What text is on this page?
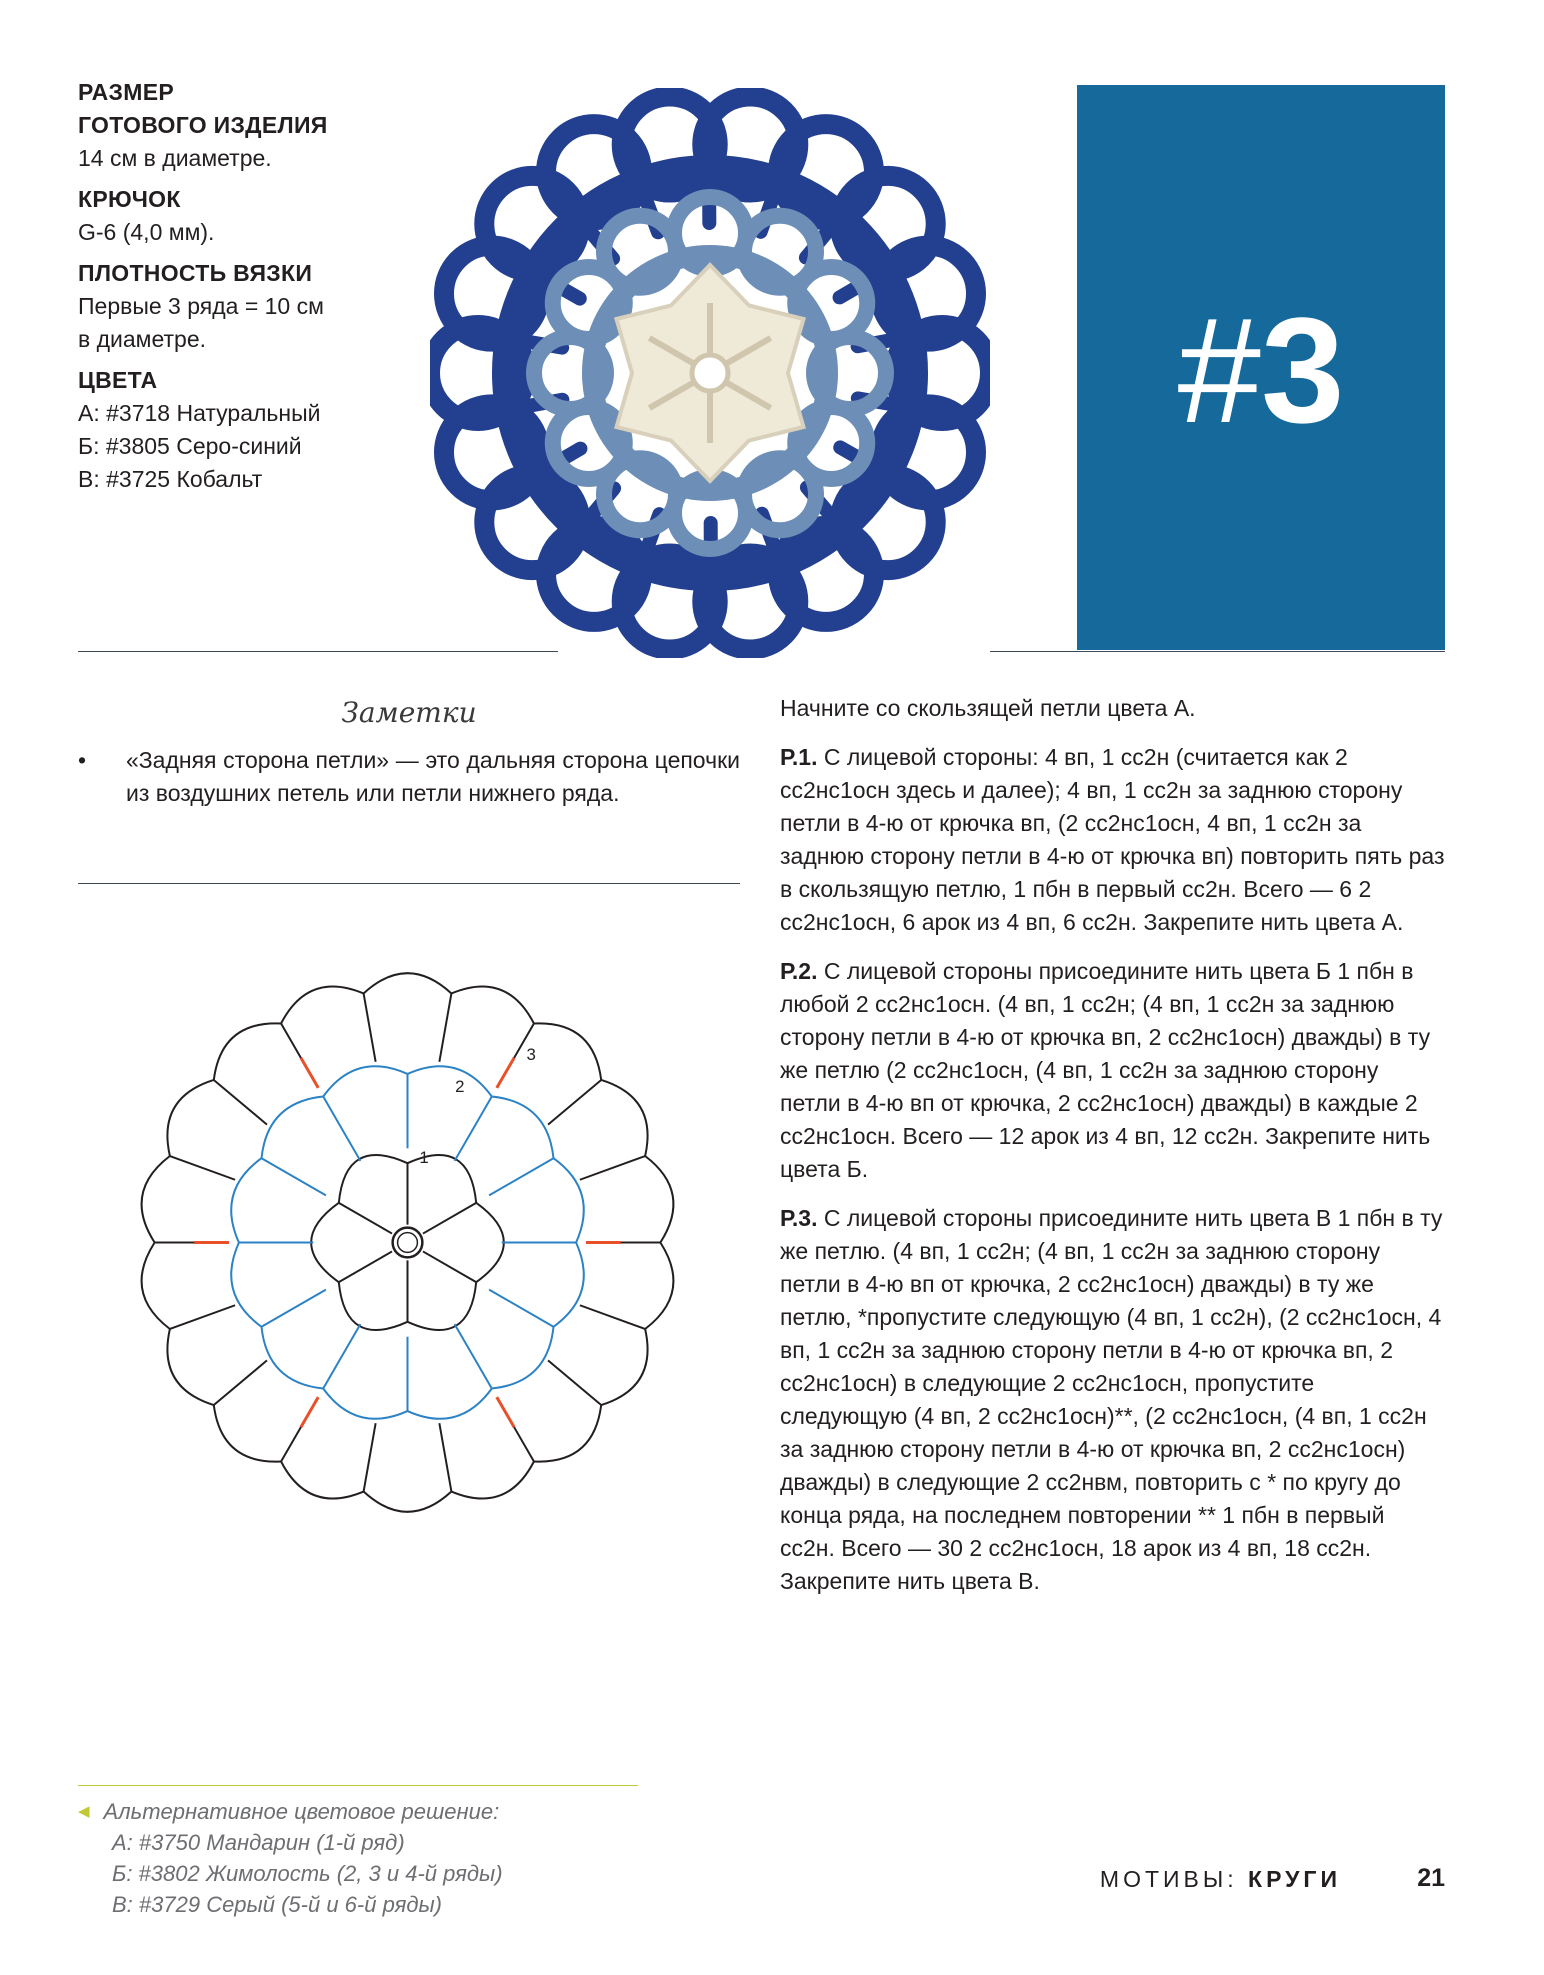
РАЗМЕР

ГОТОВОГО ИЗДЕЛИЯ

14 см в диаметре.

КРЮЧОК

G-6 (4,0 мм).

ПЛОТНОСТЬ ВЯЗКИ

Первые 3 ряда = 10 см

в диаметре.

ЦВЕТА

А: #3718 Натуральный

Б: #3805 Серо-синий

В: #3725 Кобальт

#3
Заметки
• «Задняя сторона петли» — это дальняя сторона цепочки из воздушних петель или петли нижнего ряда.
1
2
3

Начните со скользящей петли цвета А.

Р.1. С лицевой стороны: 4 вп, 1 сс2н (считается как 2 сс2нс1осн здесь и далее); 4 вп, 1 сс2н за заднюю сторону петли в 4-ю от крючка вп, (2 сс2нс1осн, 4 вп, 1 сс2н за заднюю сторону петли в 4-ю от крючка вп) повторить пять раз в скользящую петлю, 1 пбн в первый сс2н. Всего — 6 2 сс2нс1осн, 6 арок из 4 вп, 6 сс2н. Закрепите нить цвета А.

Р.2. С лицевой стороны присоедините нить цвета Б 1 пбн в любой 2 сс2нс1осн. (4 вп, 1 сс2н; (4 вп, 1 сс2н за заднюю сторону петли в 4-ю от крючка вп, 2 сс2нс1осн) дважды) в ту же петлю (2 сс2нс1осн, (4 вп, 1 сс2н за заднюю сторону петли в 4-ю вп от крючка, 2 сс2нс1осн) дважды) в каждые 2 сс2нс1осн. Всего — 12 арок из 4 вп, 12 сс2н. Закрепите нить цвета Б.

Р.3. С лицевой стороны присоедините нить цвета В 1 пбн в ту же петлю. (4 вп, 1 сс2н; (4 вп, 1 сс2н за заднюю сторону петли в 4-ю вп от крючка, 2 сс2нс1осн) дважды) в ту же петлю, *пропустите следующую (4 вп, 1 сс2н), (2 сс2нс1осн, 4 вп, 1 сс2н за заднюю сторону петли в 4-ю от крючка вп, 2 сс2нс1осн) в следующие 2 сс2нс1осн, пропустите следующую (4 вп, 2 сс2нс1осн)**, (2 сс2нс1осн, (4 вп, 1 сс2н за заднюю сторону петли в 4-ю от крючка вп, 2 сс2нс1осн) дважды) в следующие 2 сс2нвм, повторить с * по кругу до конца ряда, на последнем повторении ** 1 пбн в первый сс2н. Всего — 30 2 сс2нс1осн, 18 арок из 4 вп, 18 сс2н. Закрепите нить цвета В.

◀ Альтернативное цветовое решение:

А: #3750 Мандарин (1-й ряд)

Б: #3802 Жимолость (2, 3 и 4-й ряды)

В: #3729 Серый (5-й и 6-й ряды)

МОТИВЫ: КРУГИ	21
